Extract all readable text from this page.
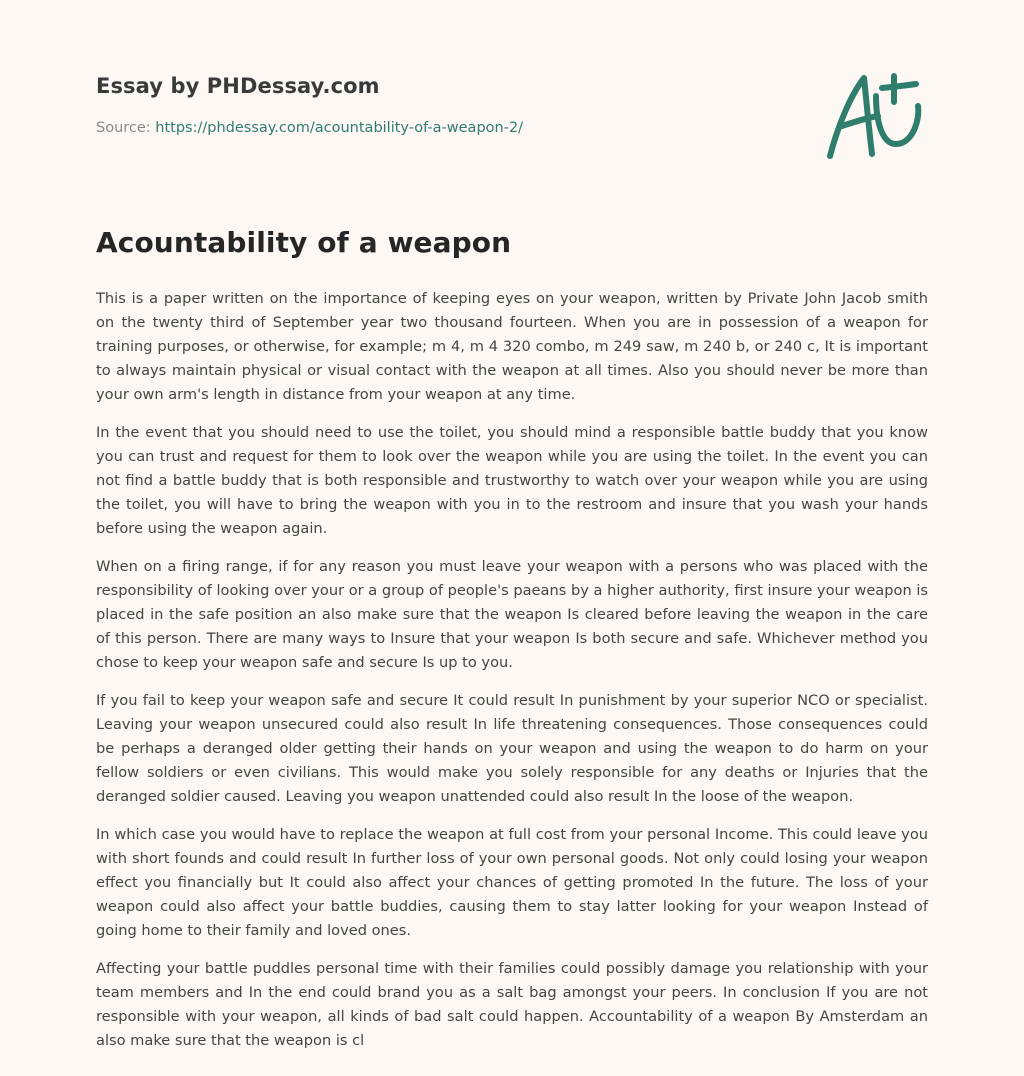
Essay by PHDessay.com
Source: https://phdessay.com/acountability-of-a-weapon-2/
Acountability of a weapon

This is a paper written on the importance of keeping eyes on your weapon, written by Private John Jacob smith on the twenty third of September year two thousand fourteen. When you are in possession of a weapon for training purposes, or otherwise, for example; m 4, m 4 320 combo, m 249 saw, m 240 b, or 240 c, It is important to always maintain physical or visual contact with the weapon at all times. Also you should never be more than your own arm's length in distance from your weapon at any time.

In the event that you should need to use the toilet, you should mind a responsible battle buddy that you know you can trust and request for them to look over the weapon while you are using the toilet. In the event you can not find a battle buddy that is both responsible and trustworthy to watch over your weapon while you are using the toilet, you will have to bring the weapon with you in to the restroom and insure that you wash your hands before using the weapon again.

When on a firing range, if for any reason you must leave your weapon with a persons who was placed with the responsibility of looking over your or a group of people's paeans by a higher authority, first insure your weapon is placed in the safe position an also make sure that the weapon Is cleared before leaving the weapon in the care of this person. There are many ways to Insure that your weapon Is both secure and safe. Whichever method you chose to keep your weapon safe and secure Is up to you.

If you fail to keep your weapon safe and secure It could result In punishment by your superior NCO or specialist. Leaving your weapon unsecured could also result In life threatening consequences. Those consequences could be perhaps a deranged older getting their hands on your weapon and using the weapon to do harm on your fellow soldiers or even civilians. This would make you solely responsible for any deaths or Injuries that the deranged soldier caused. Leaving you weapon unattended could also result In the loose of the weapon.

In which case you would have to replace the weapon at full cost from your personal Income. This could leave you with short founds and could result In further loss of your own personal goods. Not only could losing your weapon effect you financially but It could also affect your chances of getting promoted In the future. The loss of your weapon could also affect your battle buddies, causing them to stay latter looking for your weapon Instead of going home to their family and loved ones.

Affecting your battle puddles personal time with their families could possibly damage you relationship with your team members and In the end could brand you as a salt bag amongst your peers. In conclusion If you are not responsible with your weapon, all kinds of bad salt could happen. Accountability of a weapon By Amsterdam an also make sure that the weapon is cl
